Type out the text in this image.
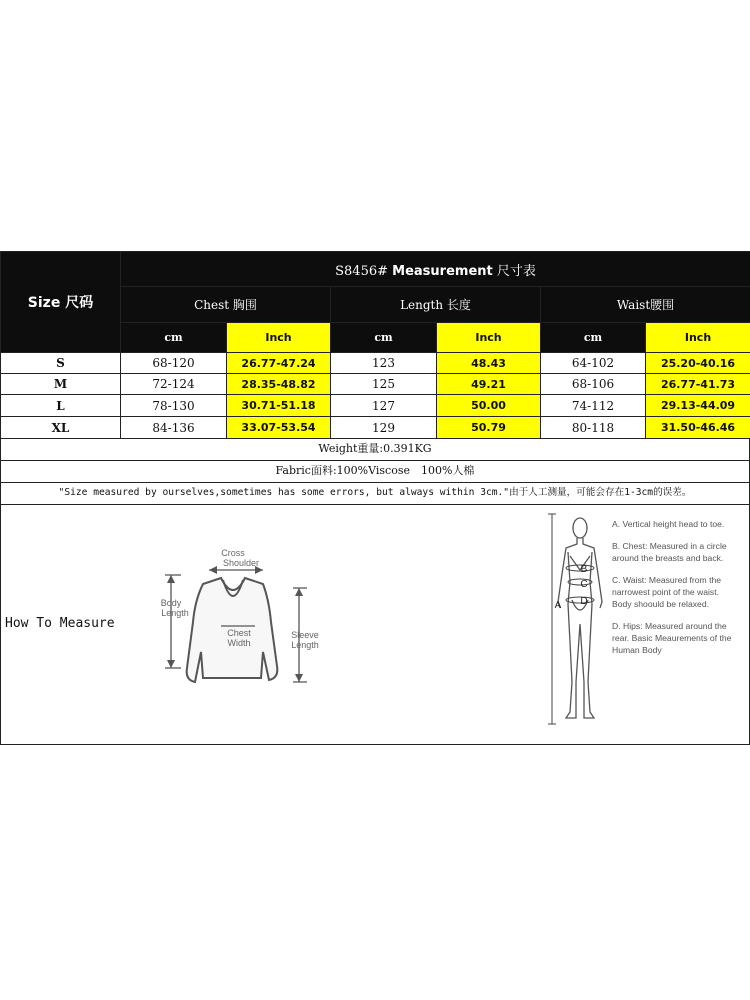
Size 尺码	S8456# Measurement 尺寸表					
	Chest 胸围		Length 长度		Waist腰围	
	cm	Inch	cm	Inch	cm	Inch
S	68-120	26.77-47.24	123	48.43	64-102	25.20-40.16
M	72-124	28.35-48.82	125	49.21	68-106	26.77-41.73
L	78-130	30.71-51.18	127	50.00	74-112	29.13-44.09
XL	84-136	33.07-53.54	129	50.79	80-118	31.50-46.46
Weight重量:0.391KG
Fabric面料:100%Viscose　100%人棉
"Size measured by ourselves,sometimes has some errors, but always within 3cm."由于人工测量，可能会存在1-3cm的误差。
How To Measure
Cross
Shoulder
Body
Length
Chest
Width
Sleeve
Length
B
C
D
A
A. Vertical height head to toe.
B. Chest: Measured in a circle around the breasts and back.
C. Waist: Measured from the narrowest point of the waist. Body shoould be relaxed.
D. Hips: Measured around the rear. Basic Meaurements of the Human Body
